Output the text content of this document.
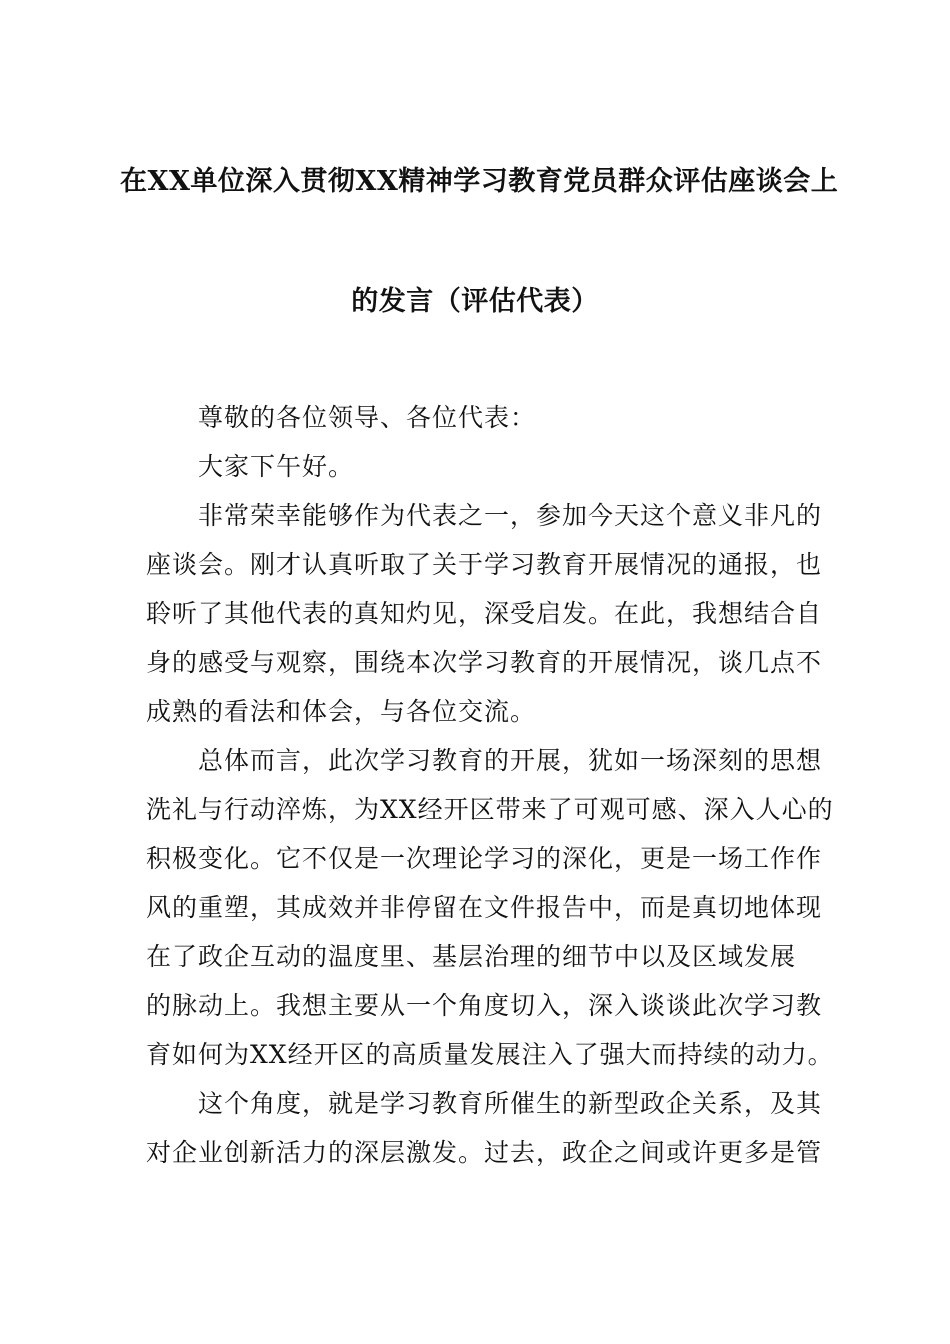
在XX单位深入贯彻XX精神学习教育党员群众评估座谈会上
的发言（评估代表）
尊敬的各位领导、各位代表：
大家下午好。
非常荣幸能够作为代表之一，参加今天这个意义非凡的
座谈会。刚才认真听取了关于学习教育开展情况的通报，也
聆听了其他代表的真知灼见，深受启发。在此，我想结合自
身的感受与观察，围绕本次学习教育的开展情况，谈几点不
成熟的看法和体会，与各位交流。
总体而言，此次学习教育的开展，犹如一场深刻的思想
洗礼与行动淬炼，为XX经开区带来了可观可感、深入人心的
积极变化。它不仅是一次理论学习的深化，更是一场工作作
风的重塑，其成效并非停留在文件报告中，而是真切地体现
在了政企互动的温度里、基层治理的细节中以及区域发展
的脉动上。我想主要从一个角度切入，深入谈谈此次学习教
育如何为XX经开区的高质量发展注入了强大而持续的动力。
这个角度，就是学习教育所催生的新型政企关系，及其
对企业创新活力的深层激发。过去，政企之间或许更多是管
